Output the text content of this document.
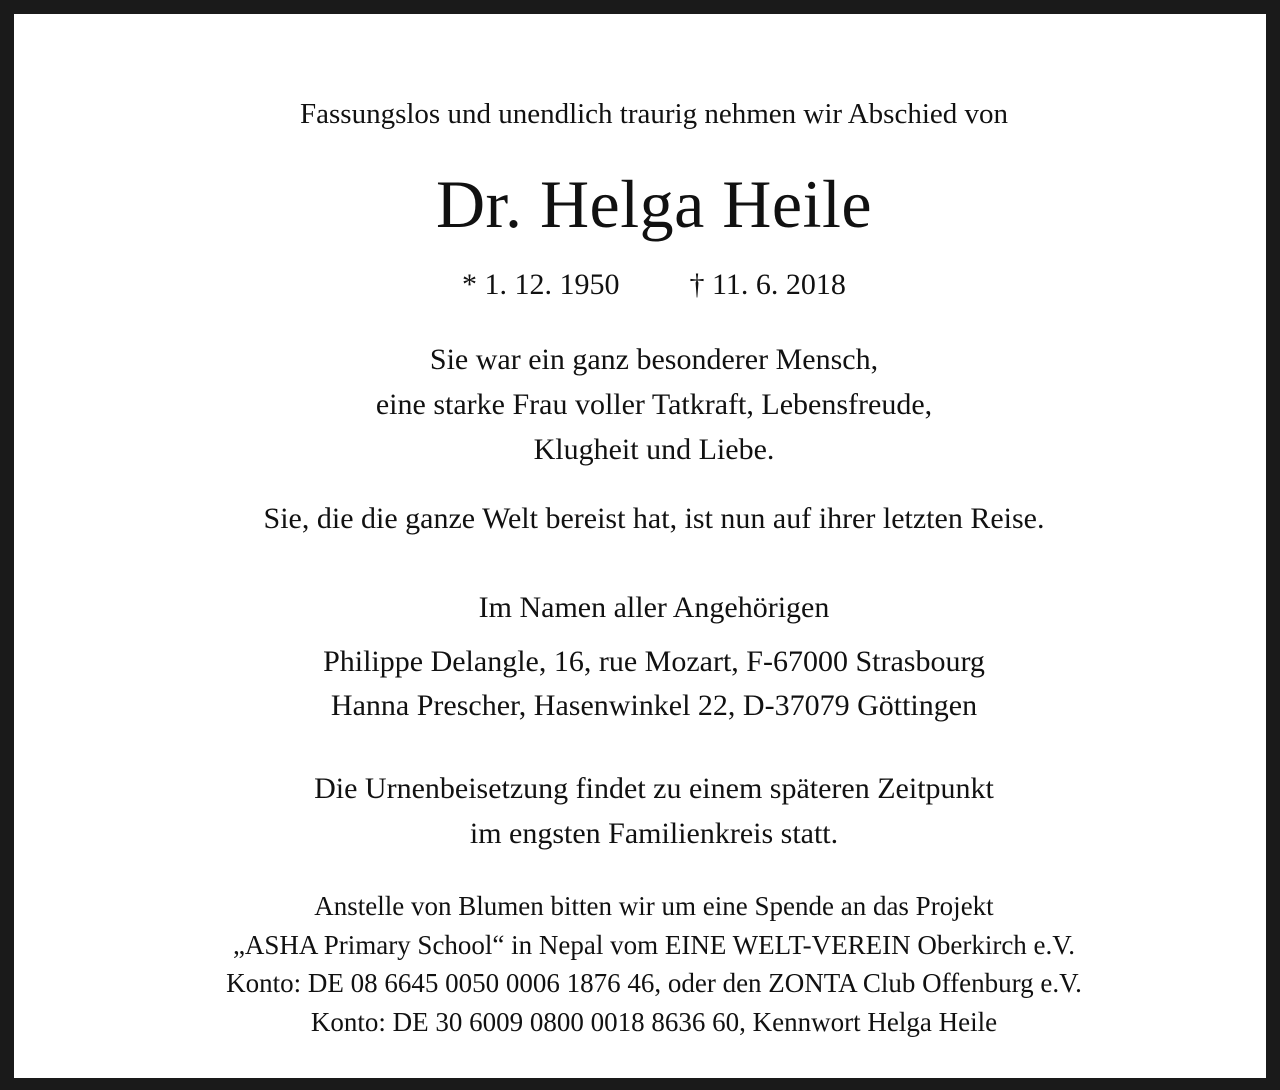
Fassungslos und unendlich traurig nehmen wir Abschied von
Dr. Helga Heile
* 1. 12. 1950 † 11. 6. 2018
Sie war ein ganz besonderer Mensch,
eine starke Frau voller Tatkraft, Lebensfreude,
Klugheit und Liebe.
Sie, die die ganze Welt bereist hat, ist nun auf ihrer letzten Reise.
Im Namen aller Angehörigen
Philippe Delangle, 16, rue Mozart, F-67000 Strasbourg
Hanna Prescher, Hasenwinkel 22, D-37079 Göttingen
Die Urnenbeisetzung findet zu einem späteren Zeitpunkt
im engsten Familienkreis statt.
Anstelle von Blumen bitten wir um eine Spende an das Projekt
„ASHA Primary School“ in Nepal vom EINE WELT-VEREIN Oberkirch e.V.
Konto: DE 08 6645 0050 0006 1876 46, oder den ZONTA Club Offenburg e.V.
Konto: DE 30 6009 0800 0018 8636 60, Kennwort Helga Heile
